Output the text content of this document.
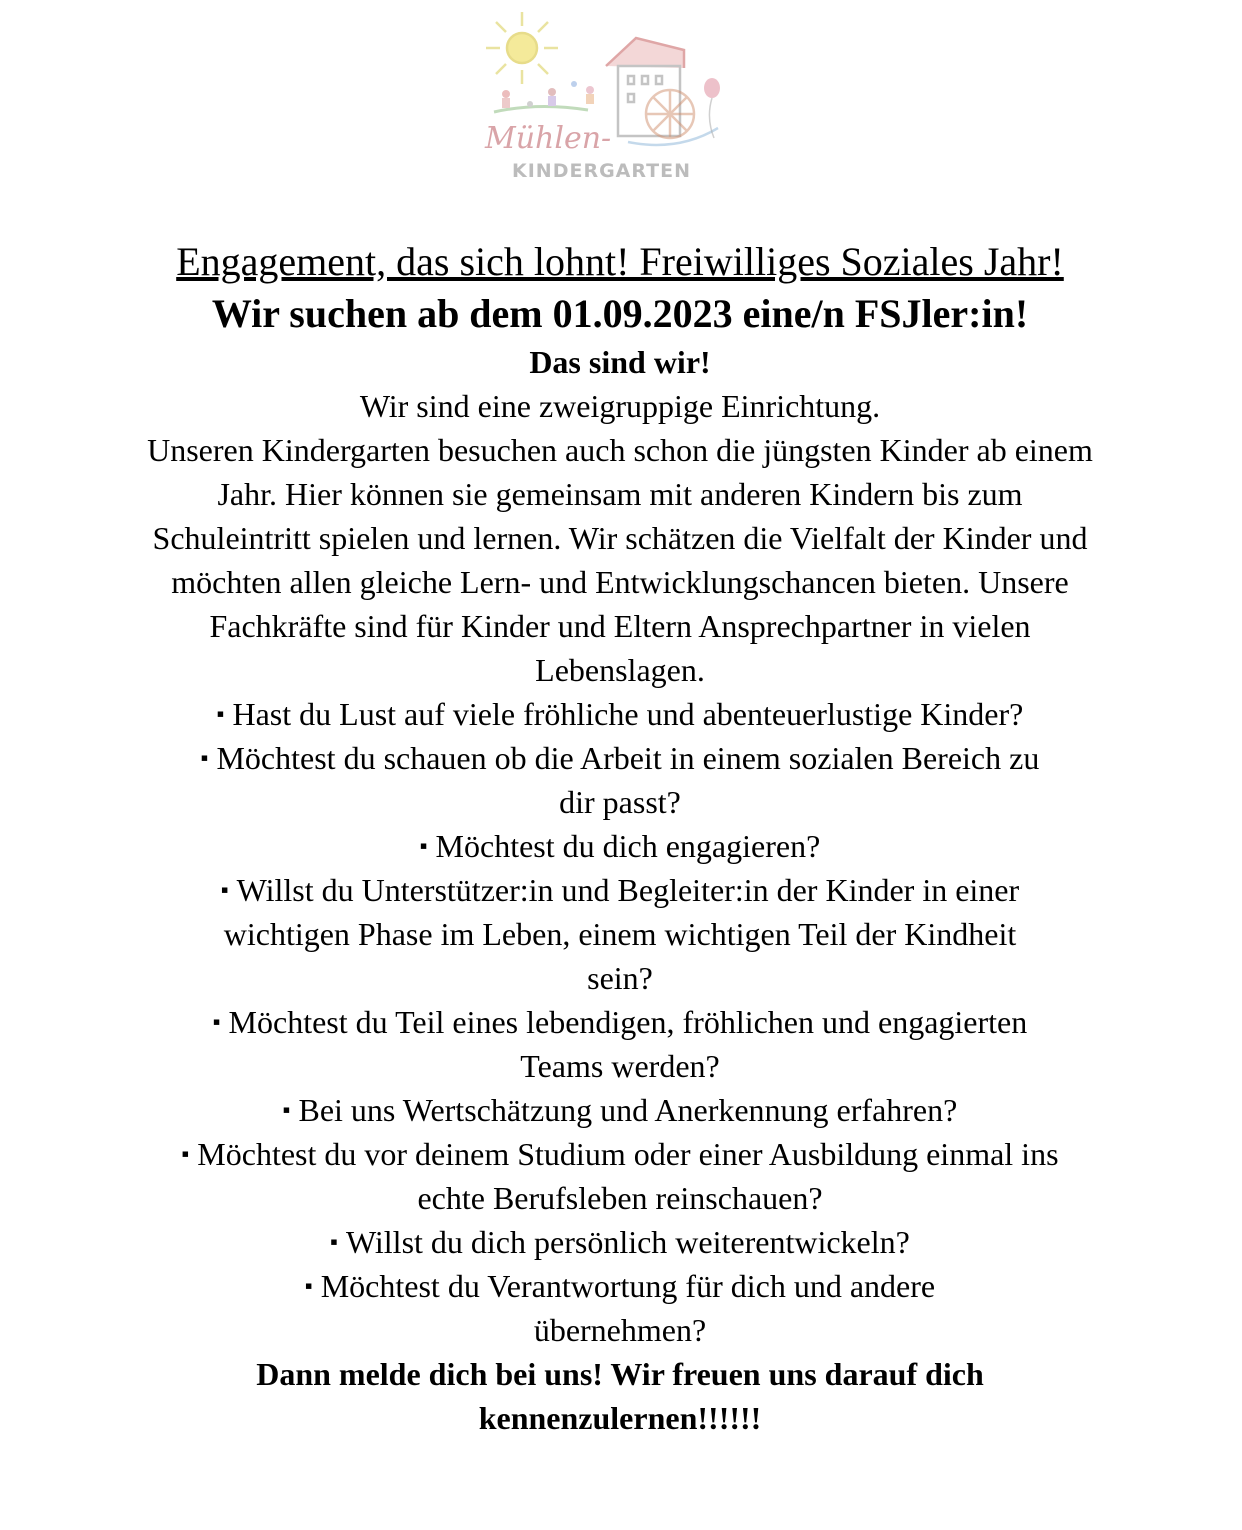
Mühlen-
KINDERGARTEN

Engagement, das sich lohnt! Freiwilliges Soziales Jahr!

Wir suchen ab dem 01.09.2023 eine/n FSJler:in!

Das sind wir!

Wir sind eine zweigruppige Einrichtung.

Unseren Kindergarten besuchen auch schon die jüngsten Kinder ab einem Jahr. Hier können sie gemeinsam mit anderen Kindern bis zum Schuleintritt spielen und lernen. Wir schätzen die Vielfalt der Kinder und möchten allen gleiche Lern- und Entwicklungschancen bieten. Unsere Fachkräfte sind für Kinder und Eltern Ansprechpartner in vielen Lebenslagen.

▪ Hast du Lust auf viele fröhliche und abenteuerlustige Kinder?
▪ Möchtest du schauen ob die Arbeit in einem sozialen Bereich zu dir passt?
▪ Möchtest du dich engagieren?
▪ Willst du Unterstützer:in und Begleiter:in der Kinder in einer wichtigen Phase im Leben, einem wichtigen Teil der Kindheit sein?
▪ Möchtest du Teil eines lebendigen, fröhlichen und engagierten Teams werden?
▪ Bei uns Wertschätzung und Anerkennung erfahren?
▪ Möchtest du vor deinem Studium oder einer Ausbildung einmal ins echte Berufsleben reinschauen?
▪ Willst du dich persönlich weiterentwickeln?
▪ Möchtest du Verantwortung für dich und andere übernehmen?

Dann melde dich bei uns! Wir freuen uns darauf dich kennenzulernen!!!!!!
